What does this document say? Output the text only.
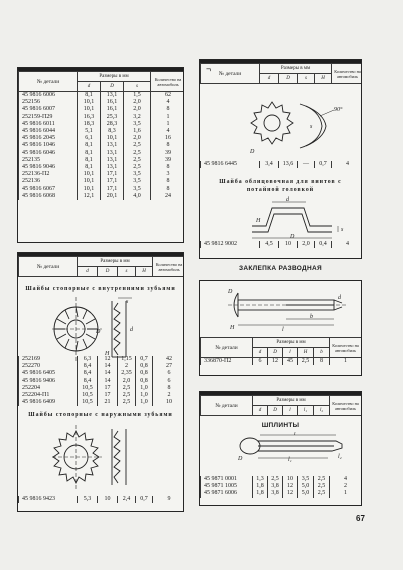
№ детали	Размеры в мм			Количество на автомобиль
	d	D	s	
45 9816 6006	8,1	13,1	1,5	62
252156	10,1	16,1	2,0	4
45 9816 6007	10,1	16,1	2,0	8
252159-П29	16,3	25,3	3,2	1
45 9816 6011	18,3	28,3	3,5	1
45 9816 6044	5,1	8,3	1,6	4
45 9816 2045	6,1	10,1	2,0	16
45 9816 1046	8,1	13,1	2,5	8
45 9816 6046	8,1	13,1	2,5	39
252135	8,1	13,1	2,5	39
45 9816 9046	8,1	13,1	2,5	8
252136-П2	10,1	17,1	3,5	3
252136	10,1	17,1	3,5	8
45 9816 6067	10,1	17,1	3,5	8
45 9816 6068	12,1	20,1	4,0	24
№ детали	Размеры в мм				Количество на автомобиль
	d	D	s	H	
Шайбы стопорные с внутренними зубьями
s
D
H
d
252169	6,3	12	1,15	0,7	42
252270	8,4	14	2	0,8	27
45 9816 6405	8,4	14	2,35	0,8	6
45 9816 9406	8,4	14	2,0	0,8	6
252204	10,5	17	2,5	1,0	8
252204-П1	10,5	17	2,5	1,0	2
45 9816 6409	10,5	21	2,5	1,0	10
Шайбы стопорные с наружными зубьями
45 9816 9423	5,3	10	2,4	0,7	9
№ детали	Размеры в мм				Количество на автомобиль
	d	D	s	H	
90°
s
D
45 9816 6445	3,4	13,6	—	0,7	4
Шайба облицовочная для винтов с потайной головкой
d
D
s
H
45 9812 9002	4,5	10	2,0	0,4	4
ЗАКЛЕПКА РАЗВОДНАЯ
l
b
D
d
H
№ детали	Размеры в мм					Количество на автомобиль
	d	D	l	H	b	
336870-П2	6	12	45	2,5	8	1
№ детали	Размеры в мм					Количество на автомобиль
	d	D	l	l₁	l₂	
ШПЛИНТЫ
l
l₁	l₂
D
45 9871 0001	1,3	2,5	10	3,5	2,5	4
45 9871 1005	1,8	3,8	12	5,0	2,5	2
45 9871 6006	1,8	3,8	12	5,0	2,5	1
67
¬
